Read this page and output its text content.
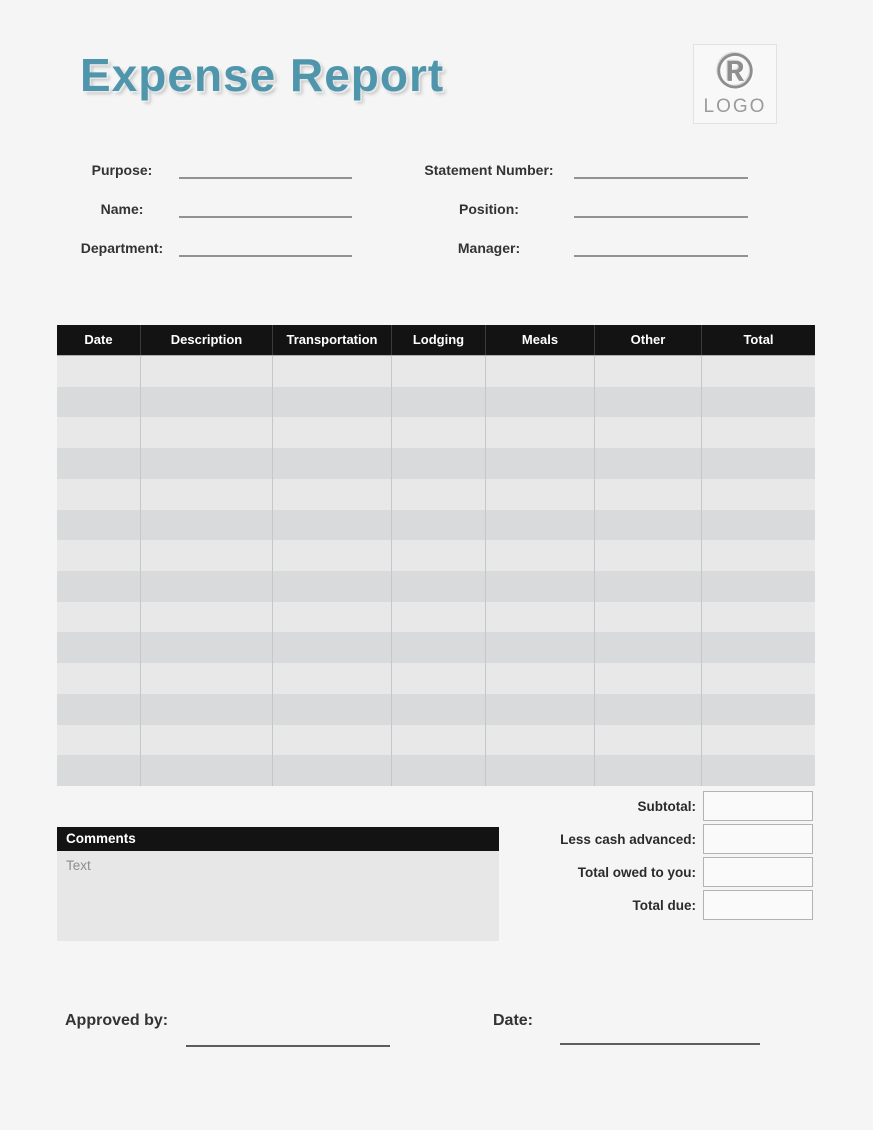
Expense Report	®
LOGO
Purpose:
Name:
Department:
Statement Number:
Position:
Manager:
Date	Description	Transportation	Lodging	Meals	Other	Total
Subtotal:
Less cash advanced:
Total owed to you:
Total due:
Comments
Text
Approved by:	Date:
